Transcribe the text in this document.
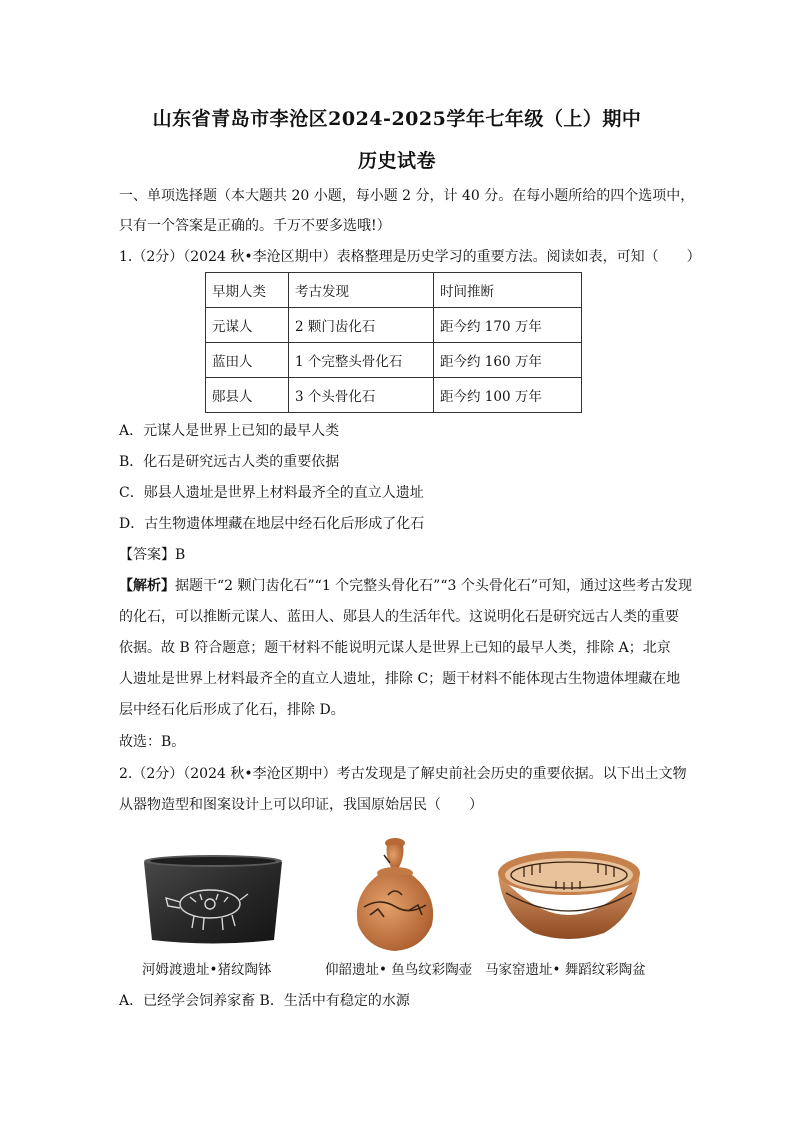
山东省青岛市李沧区2024-2025学年七年级（上）期中
历史试卷
一、单项选择题（本大题共 20 小题，每小题 2 分，计 40 分。在每小题所给的四个选项中，
只有一个答案是正确的。千万不要多选哦!）
1.（2分）（2024 秋•李沧区期中）表格整理是历史学习的重要方法。阅读如表，可知（　　）
早期人类	考古发现	时间推断
元谋人	2 颗门齿化石	距今约 170 万年
蓝田人	1 个完整头骨化石	距今约 160 万年
郧县人	3 个头骨化石	距今约 100 万年
A．元谋人是世界上已知的最早人类
B．化石是研究远古人类的重要依据
C．郧县人遗址是世界上材料最齐全的直立人遗址
D．古生物遗体埋藏在地层中经石化后形成了化石
【答案】B
【解析】据题干“2 颗门齿化石”“1 个完整头骨化石”“3 个头骨化石”可知，通过这些考古发现
的化石，可以推断元谋人、蓝田人、郧县人的生活年代。这说明化石是研究远古人类的重要
依据。故 B 符合题意；题干材料不能说明元谋人是世界上已知的最早人类，排除 A；北京
人遗址是世界上材料最齐全的直立人遗址，排除 C；题干材料不能体现古生物遗体埋藏在地
层中经石化后形成了化石，排除 D。
故选：B。
2.（2分）（2024 秋•李沧区期中）考古发现是了解史前社会历史的重要依据。以下出土文物
从器物造型和图案设计上可以印证，我国原始居民（　　）
河姆渡遗址•猪纹陶钵	仰韶遗址• 鱼鸟纹彩陶壶 马家窑遗址• 舞蹈纹彩陶盆
A．已经学会饲养家畜 B．生活中有稳定的水源
